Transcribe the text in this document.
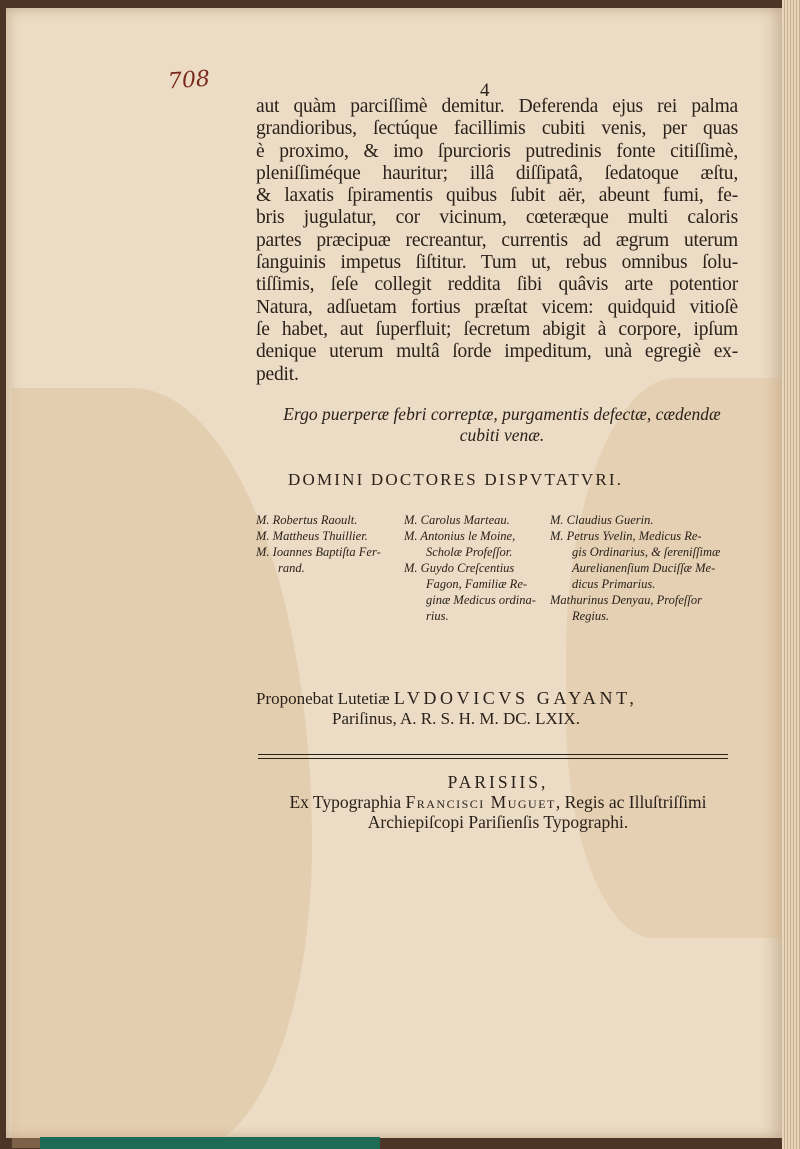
708	4
aut quàm parciſſimè demitur. Deferenda ejus rei palma
grandioribus, ſectúque facillimis cubiti venis, per quas
è proximo, & imo ſpurcioris putredinis fonte citiſſimè,
pleniſſiméque hauritur; illâ diſſipatâ, ſedatoque æſtu,
& laxatis ſpiramentis quibus ſubit aër, abeunt fumi, fe-
bris jugulatur, cor vicinum, cœteræque multi caloris
partes præcipuæ recreantur, currentis ad ægrum uterum
ſanguinis impetus ſiſtitur. Tum ut, rebus omnibus ſolu-
tiſſimis, ſeſe collegit reddita ſibi quâvis arte potentior
Natura, adſuetam fortius præſtat vicem: quidquid vitioſè
ſe habet, aut ſuperfluit; ſecretum abigit à corpore, ipſum
denique uterum multâ ſorde impeditum, unà egregiè ex-
pedit.
Ergo puerperæ febri correptæ, purgamentis defectæ, cædendæ
cubiti venæ.
DOMINI DOCTORES DISPVTATVRI.
M. Robertus Raoult.
M. Mattheus Thuillier.
M. Ioannes Baptiſta Fer-
rand.
M. Carolus Marteau.
M. Antonius le Moine,
Scholæ Profeſſor.
M. Guydo Creſcentius
Fagon, Familiæ Re-
ginæ Medicus ordina-
rius.
M. Claudius Guerin.
M. Petrus Yvelin, Medicus Re-
gis Ordinarius, & ſereniſſimæ
Aurelianenſium Duciſſæ Me-
dicus Primarius.
Mathurinus Denyau, Profeſſor
Regius.
Proponebat Lutetiæ LVDOVICVS GAYANT,
Pariſinus, A. R. S. H. M. DC. LXIX.
PARISIIS,
Ex Typographia Francisci Muguet, Regis ac Illuſtriſſimi
Archiepiſcopi Pariſienſis Typographi.
